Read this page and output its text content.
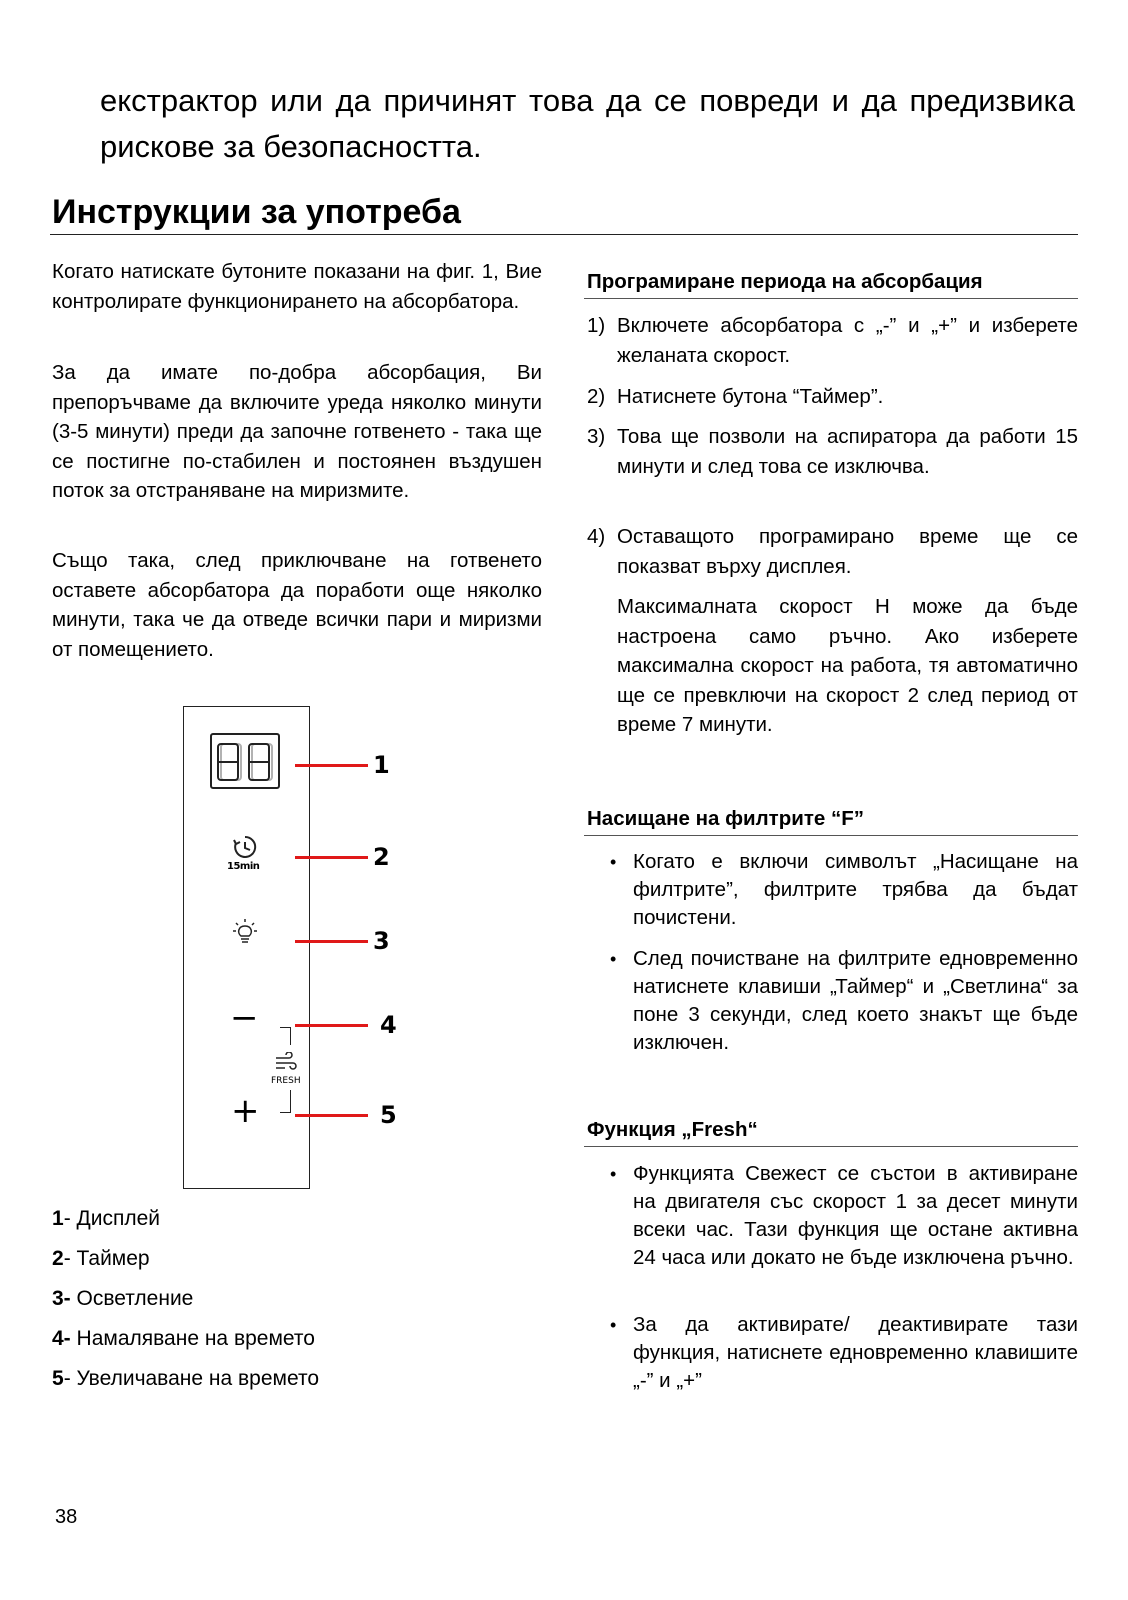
екстрактор или да причинят това да се повреди и да предизвика рискове за безопасността.

Инструкции за употреба

Когато натискате бутоните показани на фиг. 1, Вие контролирате функционирането на абсорбатора.

За да имате по-добра абсорбация, Ви препоръчваме да включите уреда няколко минути (3-5 минути) преди да започне готвенето - така ще се постигне по-стабилен и постоянен въздушен поток за отстраняване на миризмите.

Също така, след приключване на готвенето оставете абсорбатора да поработи още няколко минути, така че да отведе всички пари и миризми от помещението.

15min
−
FRESH
+
1
2
3
4
5
1- Дисплей
2- Таймер
3- Осветление
4- Намаляване на времето
5- Увеличаване на времето
Програмиране периода на абсорбация
1) Включете абсорбатора с „-” и „+” и изберете желаната скорост.

2) Натиснете бутона “Таймер”.

3) Това ще позволи на аспиратора да работи 15 минути и след това се изключва.

4) Оставащото програмирано време ще се показват върху дисплея.

Максималната скорост H може да бъде настроена само ръчно. Ако изберете максимална скорост на работа, тя автоматично ще се превключи на скорост 2 след период от време 7 минути.

Насищане на филтрите “F”
• Когато е включи символът „Насищане на филтрите”, филтрите трябва да бъдат почистени.

• След почистване на филтрите едновременно натиснете клавиши „Таймер“ и „Светлина“ за поне 3 секунди, след което знакът ще бъде изключен.

Функция „Fresh“
• Функцията Свежест се състои в активиране на двигателя със скорост 1 за десет минути всеки час. Тази функция ще остане активна 24 часа или докато не бъде изключена ръчно.

• За да активирате/ деактивирате тази функция, натиснете едновременно клавишите „-” и „+”

38
